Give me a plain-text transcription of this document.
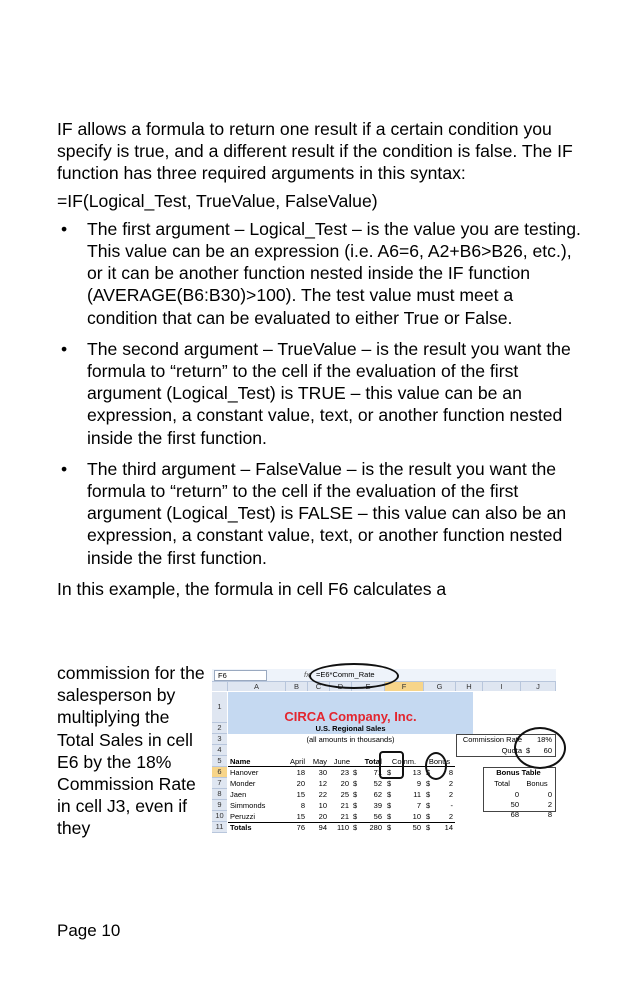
IF allows a formula to return one result if a certain condition you specify is true, and a different result if the condition is false. The IF function has three required arguments in this syntax:

=IF(Logical_Test, TrueValue, FalseValue)

• The first argument – Logical_Test – is the value you are testing. This value can be an expression (i.e. A6=6, A2+B6>B26, etc.), or it can be another function nested inside the IF function (AVERAGE(B6:B30)>100). The test value must meet a condition that can be evaluated to either True or False.
• The second argument – TrueValue – is the result you want the formula to “return” to the cell if the evaluation of the first argument (Logical_Test) is TRUE – this value can be an expression, a constant value, text, or another function nested inside the first function.
• The third argument – FalseValue – is the result you want the formula to “return” to the cell if the evaluation of the first argument (Logical_Test) is FALSE – this value can also be an expression, a constant value, text, or another function nested inside the first function.

In this example, the formula in cell F6 calculates a

commission for the salesperson by multiplying the Total Sales in cell E6 by the 18% Commission Rate in cell J3, even if they

F6	fx =E6*Comm_Rate
A	B	C	D	E	F	G	H	I	J
1
2
3
4
5
6
7
8
9
10
11
CIRCA Company, Inc.
U.S. Regional Sales
(all amounts in thousands)
Name	April	May June	Total	Comm.	Bonus
Hanover	18	30	23 $	71 $	13 $	8
Monder	20	12	20 $	52 $	9 $	2
Jaen	15	22	25 $	62 $	11 $	2
Simmonds	8	10	21 $	39 $	7 $	-
Peruzzi	15	20	21 $	56 $	10 $	2
Totals	76	94	110 $	280 $	50 $	14
Commission Rate	18%
Quota $	60
Bonus Table
Total	Bonus
0	0
50	2
68	8
Page 10
